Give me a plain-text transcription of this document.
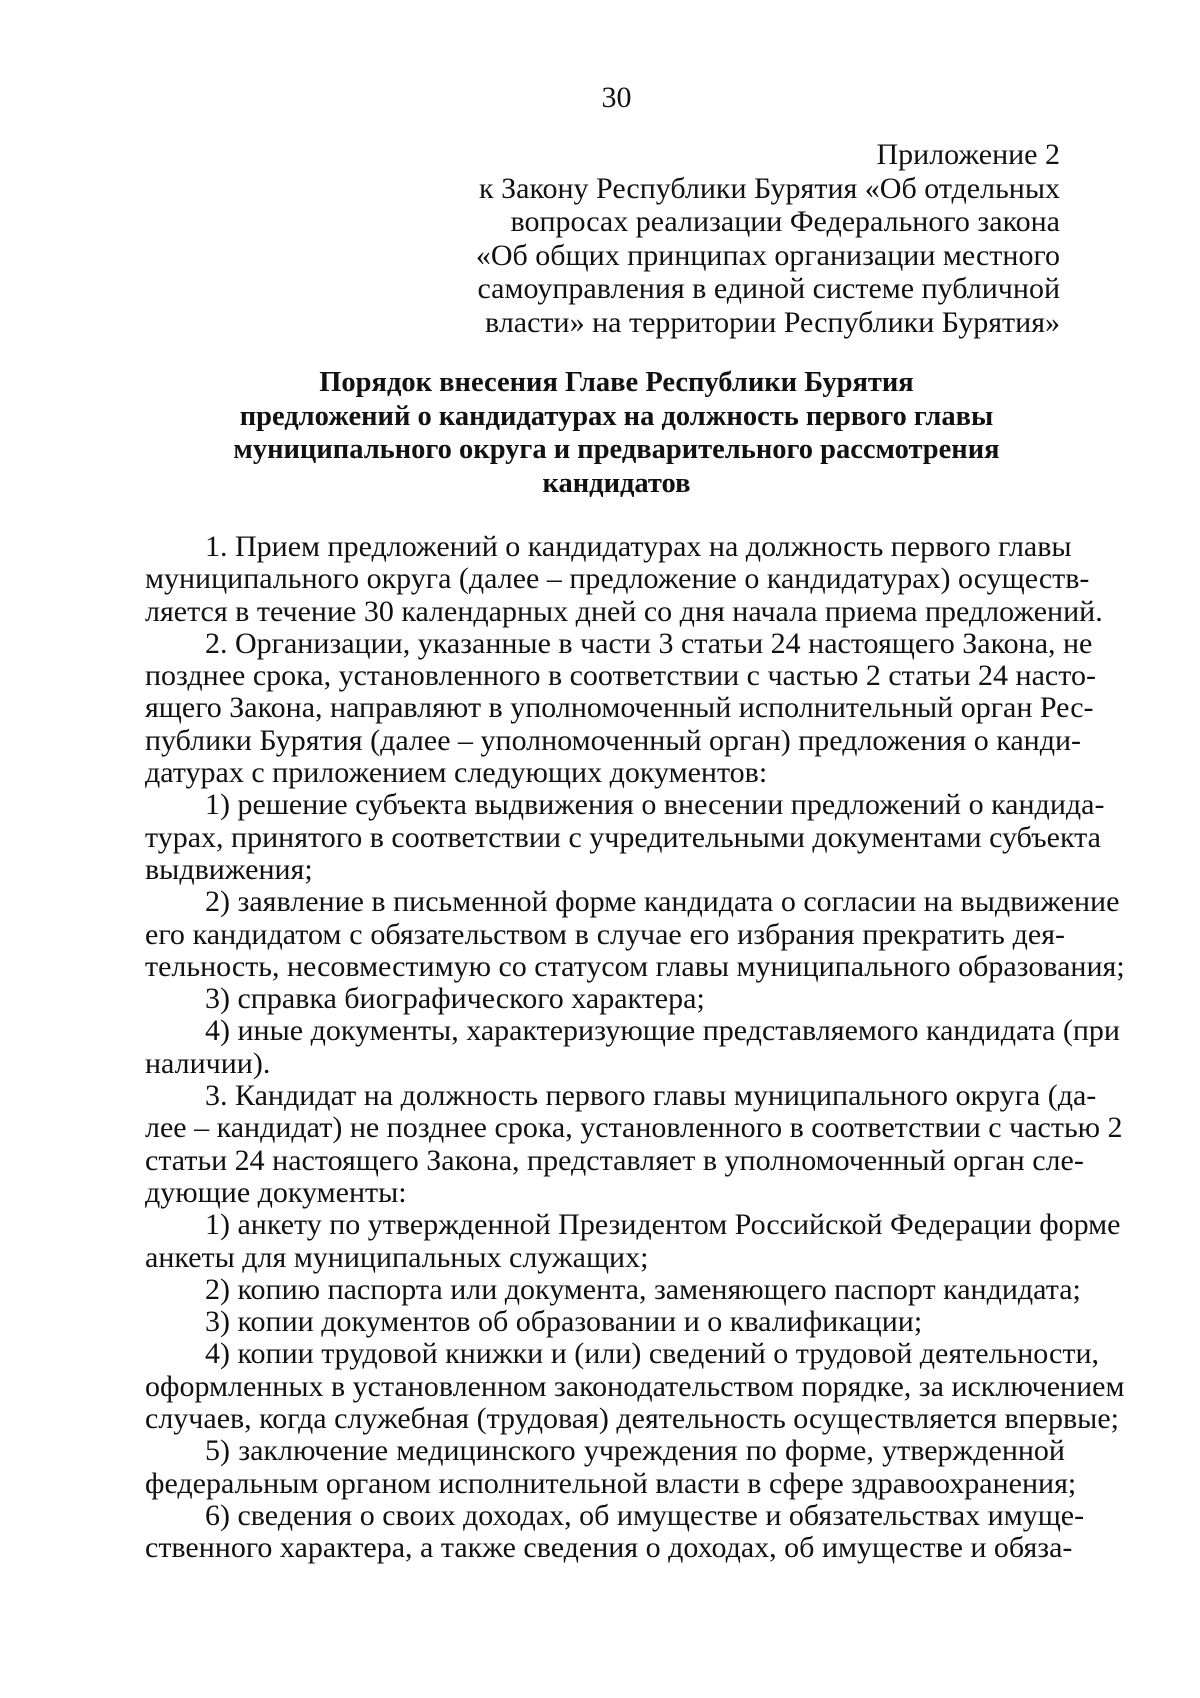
30
Приложение 2
к Закону Республики Бурятия «Об отдельных
вопросах реализации Федерального закона
«Об общих принципах организации местного
самоуправления в единой системе публичной
власти» на территории Республики Бурятия»
Порядок внесения Главе Республики Бурятия
предложений о кандидатурах на должность первого главы
муниципального округа и предварительного рассмотрения
кандидатов
1. Прием предложений о кандидатурах на должность первого главы
муниципального округа (далее – предложение о кандидатурах) осуществ-
ляется в течение 30 календарных дней со дня начала приема предложений.
2. Организации, указанные в части 3 статьи 24 настоящего Закона, не
позднее срока, установленного в соответствии с частью 2 статьи 24 насто-
ящего Закона, направляют в уполномоченный исполнительный орган Рес-
публики Бурятия (далее – уполномоченный орган) предложения о канди-
датурах с приложением следующих документов:
1) решение субъекта выдвижения о внесении предложений о кандида-
турах, принятого в соответствии с учредительными документами субъекта
выдвижения;
2) заявление в письменной форме кандидата о согласии на выдвижение
его кандидатом с обязательством в случае его избрания прекратить дея-
тельность, несовместимую со статусом главы муниципального образования;
3) справка биографического характера;
4) иные документы, характеризующие представляемого кандидата (при
наличии).
3. Кандидат на должность первого главы муниципального округа (да-
лее – кандидат) не позднее срока, установленного в соответствии с частью 2
статьи 24 настоящего Закона, представляет в уполномоченный орган сле-
дующие документы:
1) анкету по утвержденной Президентом Российской Федерации форме
анкеты для муниципальных служащих;
2) копию паспорта или документа, заменяющего паспорт кандидата;
3) копии документов об образовании и о квалификации;
4) копии трудовой книжки и (или) сведений о трудовой деятельности,
оформленных в установленном законодательством порядке, за исключением
случаев, когда служебная (трудовая) деятельность осуществляется впервые;
5) заключение медицинского учреждения по форме, утвержденной
федеральным органом исполнительной власти в сфере здравоохранения;
6) сведения о своих доходах, об имуществе и обязательствах имуще-
ственного характера, а также сведения о доходах, об имуществе и обяза-
